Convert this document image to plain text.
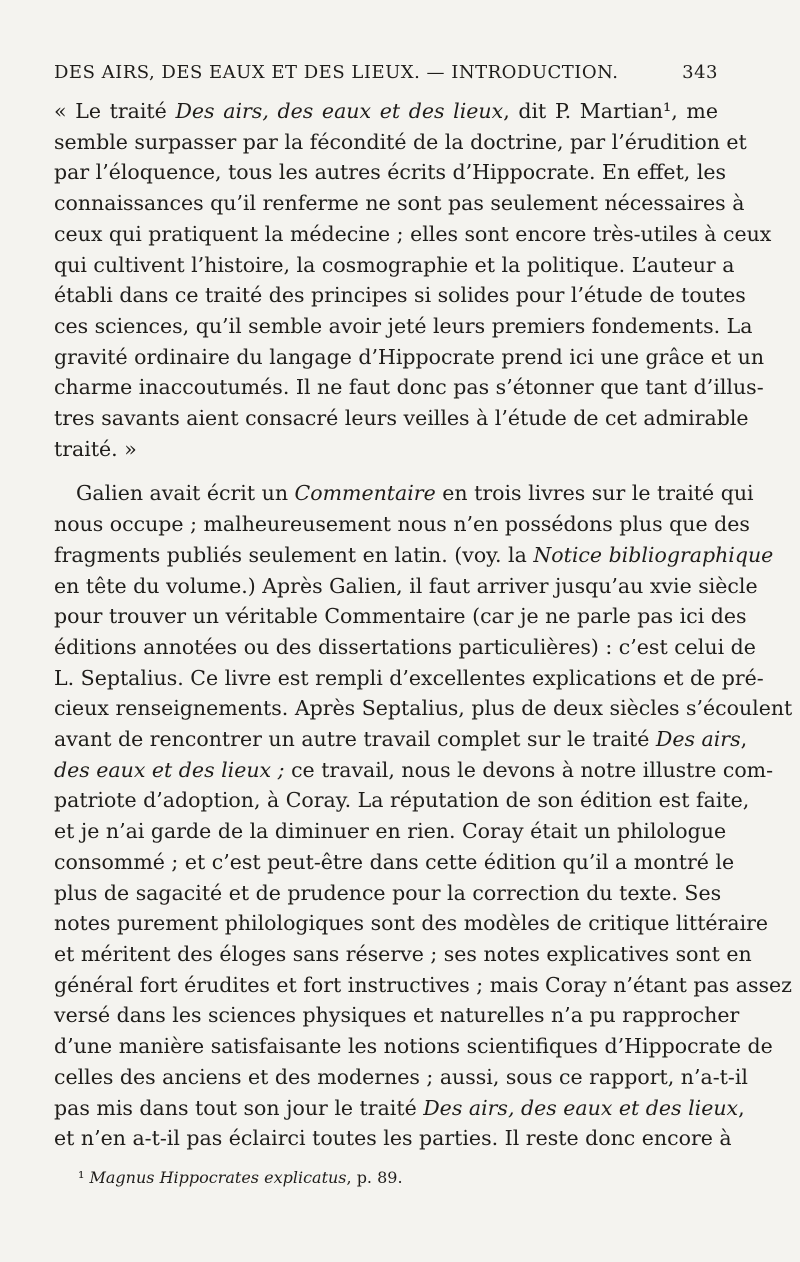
DES AIRS, DES EAUX ET DES LIEUX. — INTRODUCTION.	343
« Le traité Des airs, des eaux et des lieux, dit P. Martian¹, me
semble surpasser par la fécondité de la doctrine, par l’érudition et
par l’éloquence, tous les autres écrits d’Hippocrate. En effet, les
connaissances qu’il renferme ne sont pas seulement nécessaires à
ceux qui pratiquent la médecine ; elles sont encore très-utiles à ceux
qui cultivent l’histoire, la cosmographie et la politique. L’auteur a
établi dans ce traité des principes si solides pour l’étude de toutes
ces sciences, qu’il semble avoir jeté leurs premiers fondements. La
gravité ordinaire du langage d’Hippocrate prend ici une grâce et un
charme inaccoutumés. Il ne faut donc pas s’étonner que tant d’illus-
tres savants aient consacré leurs veilles à l’étude de cet admirable
traité. »
Galien avait écrit un Commentaire en trois livres sur le traité qui
nous occupe ; malheureusement nous n’en possédons plus que des
fragments publiés seulement en latin. (voy. la Notice bibliographique
en tête du volume.) Après Galien, il faut arriver jusqu’au xvie siècle
pour trouver un véritable Commentaire (car je ne parle pas ici des
éditions annotées ou des dissertations particulières) : c’est celui de
L. Septalius. Ce livre est rempli d’excellentes explications et de pré-
cieux renseignements. Après Septalius, plus de deux siècles s’écoulent
avant de rencontrer un autre travail complet sur le traité Des airs,
des eaux et des lieux ; ce travail, nous le devons à notre illustre com-
patriote d’adoption, à Coray. La réputation de son édition est faite,
et je n’ai garde de la diminuer en rien. Coray était un philologue
consommé ; et c’est peut-être dans cette édition qu’il a montré le
plus de sagacité et de prudence pour la correction du texte. Ses
notes purement philologiques sont des modèles de critique littéraire
et méritent des éloges sans réserve ; ses notes explicatives sont en
général fort érudites et fort instructives ; mais Coray n’étant pas assez
versé dans les sciences physiques et naturelles n’a pu rapprocher
d’une manière satisfaisante les notions scientifiques d’Hippocrate de
celles des anciens et des modernes ; aussi, sous ce rapport, n’a-t-il
pas mis dans tout son jour le traité Des airs, des eaux et des lieux,
et n’en a-t-il pas éclairci toutes les parties. Il reste donc encore à
¹ Magnus Hippocrates explicatus, p. 89.
